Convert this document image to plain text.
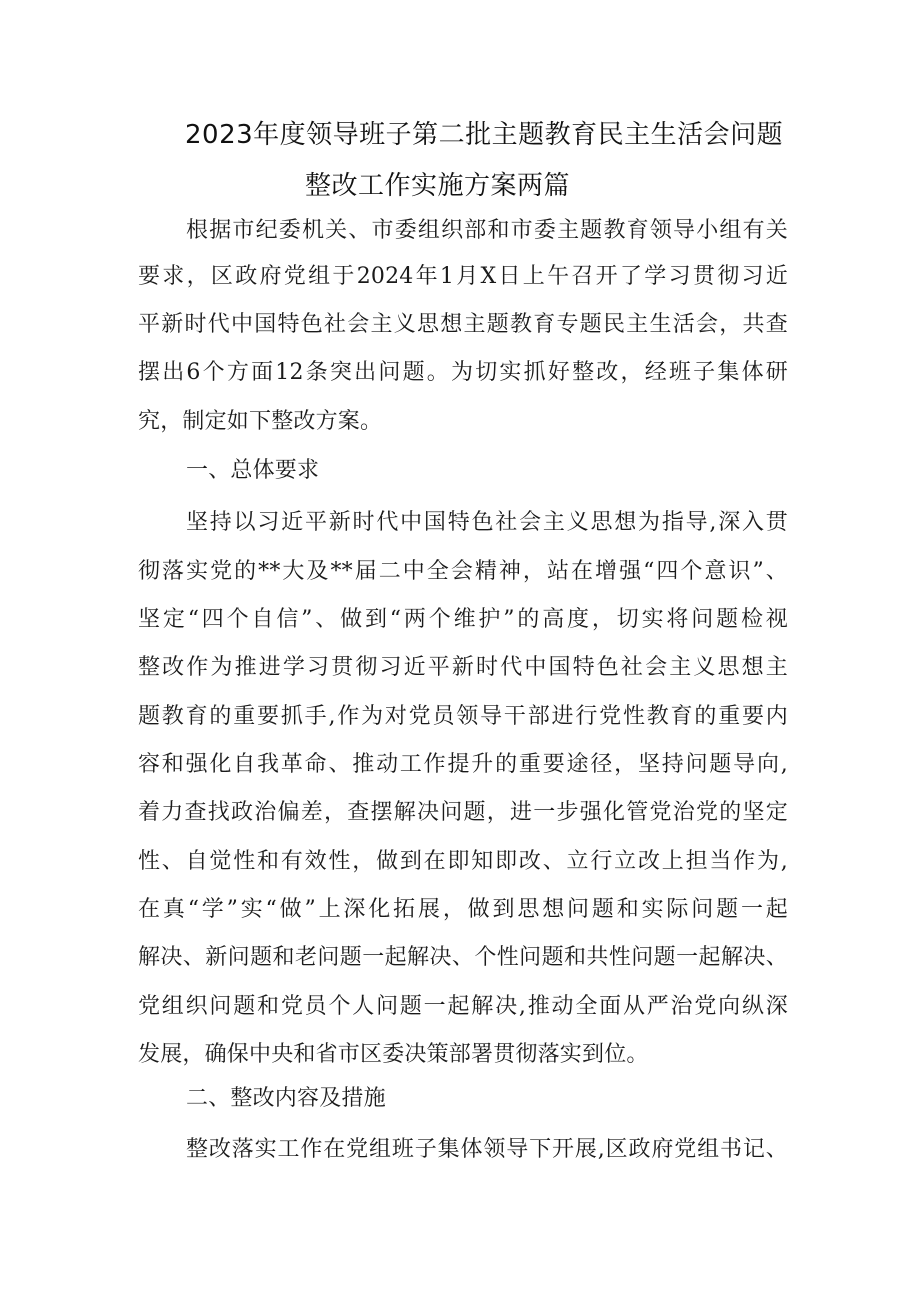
2023年度领导班子第二批主题教育民主生活会问题
整改工作实施方案两篇
根据市纪委机关、市委组织部和市委主题教育领导小组有关
要求，区政府党组于2024年1月X日上午召开了学习贯彻习近
平新时代中国特色社会主义思想主题教育专题民主生活会，共查
摆出6个方面12条突出问题。为切实抓好整改，经班子集体研
究，制定如下整改方案。
一、总体要求
坚持以习近平新时代中国特色社会主义思想为指导,深入贯
彻落实党的**大及**届二中全会精神，站在增强“四个意识”、
坚定“四个自信”、做到“两个维护”的高度，切实将问题检视
整改作为推进学习贯彻习近平新时代中国特色社会主义思想主
题教育的重要抓手,作为对党员领导干部进行党性教育的重要内
容和强化自我革命、推动工作提升的重要途径，坚持问题导向,
着力查找政治偏差，查摆解决问题，进一步强化管党治党的坚定
性、自觉性和有效性，做到在即知即改、立行立改上担当作为,
在真“学”实“做”上深化拓展，做到思想问题和实际问题一起
解决、新问题和老问题一起解决、个性问题和共性问题一起解决、
党组织问题和党员个人问题一起解决,推动全面从严治党向纵深
发展，确保中央和省市区委决策部署贯彻落实到位。
二、整改内容及措施
整改落实工作在党组班子集体领导下开展,区政府党组书记、
